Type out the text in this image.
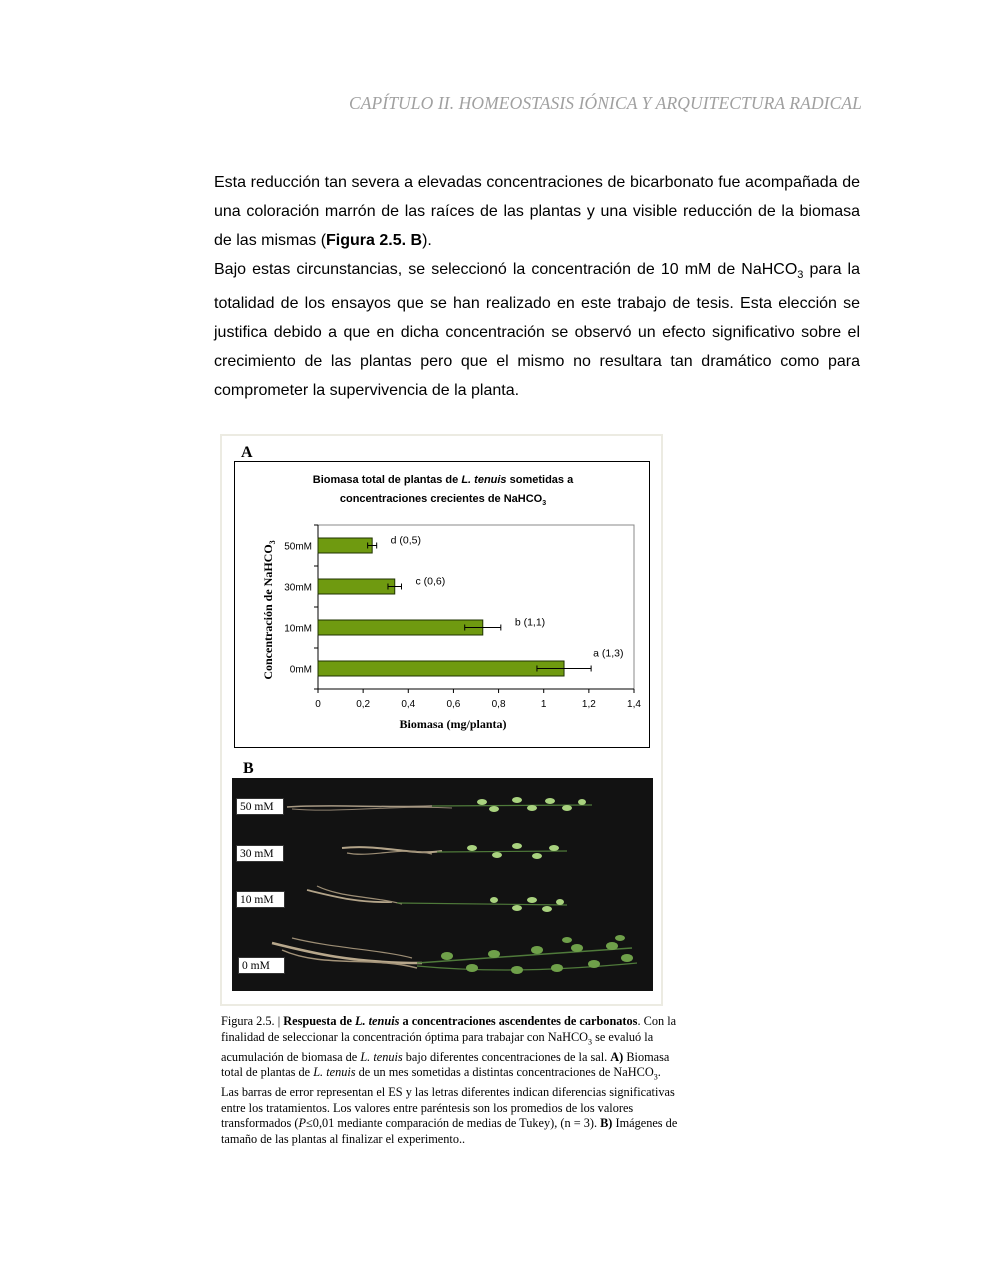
CAPÍTULO II. HOMEOSTASIS IÓNICA Y ARQUITECTURA RADICAL

Esta reducción tan severa a elevadas concentraciones de bicarbonato fue acompañada de una coloración marrón de las raíces de las plantas y una visible reducción de la biomasa de las mismas (Figura 2.5. B).

Bajo estas circunstancias, se seleccionó la concentración de 10 mM de NaHCO$_3$ para la totalidad de los ensayos que se han realizado en este trabajo de tesis. Esta elección se justifica debido a que en dicha concentración se observó un efecto significativo sobre el crecimiento de las plantas pero que el mismo no resultara tan dramático como para comprometer la supervivencia de la planta.

A
Biomasa total de plantas de L. tenuis sometidas a
concentraciones crecientes de NaHCO$_3$
Concentración de NaHCO$_3$
Biomasa (mg/planta)
0	0,2	0,4	0,6	0,8	1	1,2	1,4
50mM
d (0,5)
30mM
c (0,6)
10mM
b (1,1)
0mM
a (1,3)
B
50 mM
30 mM
10 mM
0 mM

Figura 2.5. | Respuesta de L. tenuis a concentraciones ascendentes de carbonatos. Con la finalidad de seleccionar la concentración óptima para trabajar con NaHCO$_3$ se evaluó la acumulación de biomasa de L. tenuis bajo diferentes concentraciones de la sal. A) Biomasa total de plantas de L. tenuis de un mes sometidas a distintas concentraciones de NaHCO$_3$. Las barras de error representan el ES y las letras diferentes indican diferencias significativas entre los tratamientos. Los valores entre paréntesis son los promedios de los valores transformados (P≤0,01 mediante comparación de medias de Tukey), (n = 3). B) Imágenes de tamaño de las plantas al finalizar el experimento..
